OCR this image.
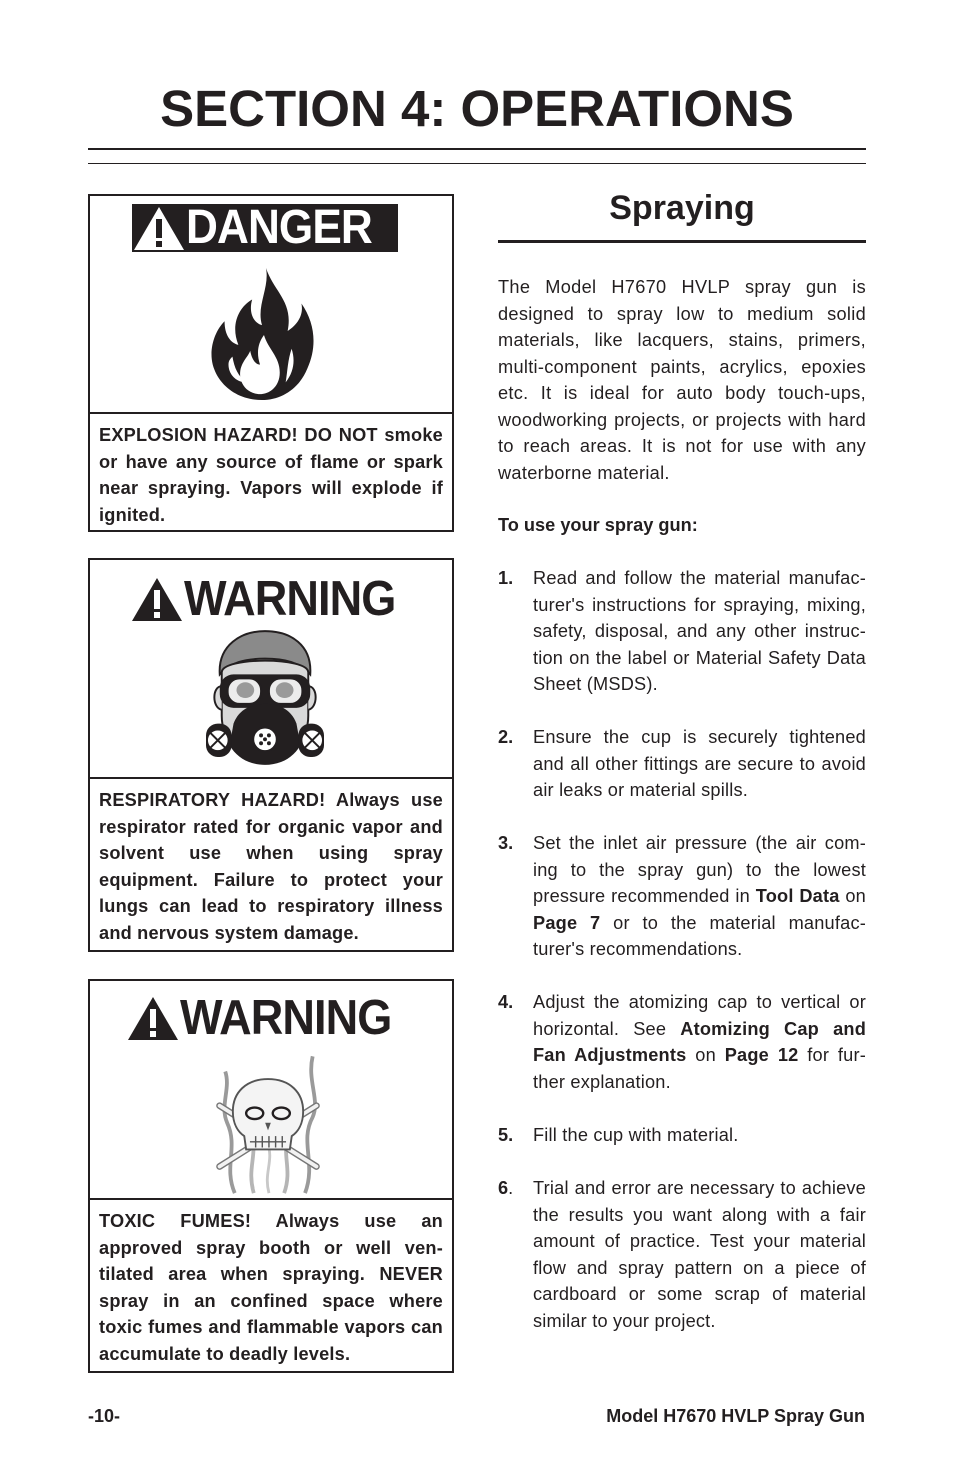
SECTION 4: OPERATIONS
DANGER

EXPLOSION HAZARD! DO NOT smoke or have any source of flame or spark near spraying. Vapors will explode if ignited.

WARNING

RESPIRATORY HAZARD! Always use respirator rated for organic vapor and solvent use when using spray equipment. Failure to protect your lungs can lead to respiratory illness and nervous system damage.

WARNING

TOXIC FUMES! Always use an approved spray booth or well ven-tilated area when spraying. NEVER spray in an confined space where toxic fumes and flammable vapors can accumulate to deadly levels.

Spraying

The Model H7670 HVLP spray gun is designed to spray low to medium solid materials, like lacquers, stains, primers, multi-component paints, acrylics, epoxies etc. It is ideal for auto body touch-ups, woodworking projects, or projects with hard to reach areas. It is not for use with any waterborne material.

To use your spray gun:

1. Read and follow the material manufac-turer's instructions for spraying, mixing, safety, disposal, and any other instruc-tion on the label or Material Safety Data Sheet (MSDS).

2. Ensure the cup is securely tightened and all other fittings are secure to avoid air leaks or material spills.

3. Set the inlet air pressure (the air com-ing to the spray gun) to the lowest pressure recommended in Tool Data on Page 7 or to the material manufac-turer's recommendations.

4. Adjust the atomizing cap to vertical or horizontal. See Atomizing Cap and Fan Adjustments on Page 12 for fur-ther explanation.

5. Fill the cup with material.

6. Trial and error are necessary to achieve the results you want along with a fair amount of practice. Test your material flow and spray pattern on a piece of cardboard or some scrap of material similar to your project.

-10-	Model H7670 HVLP Spray Gun
